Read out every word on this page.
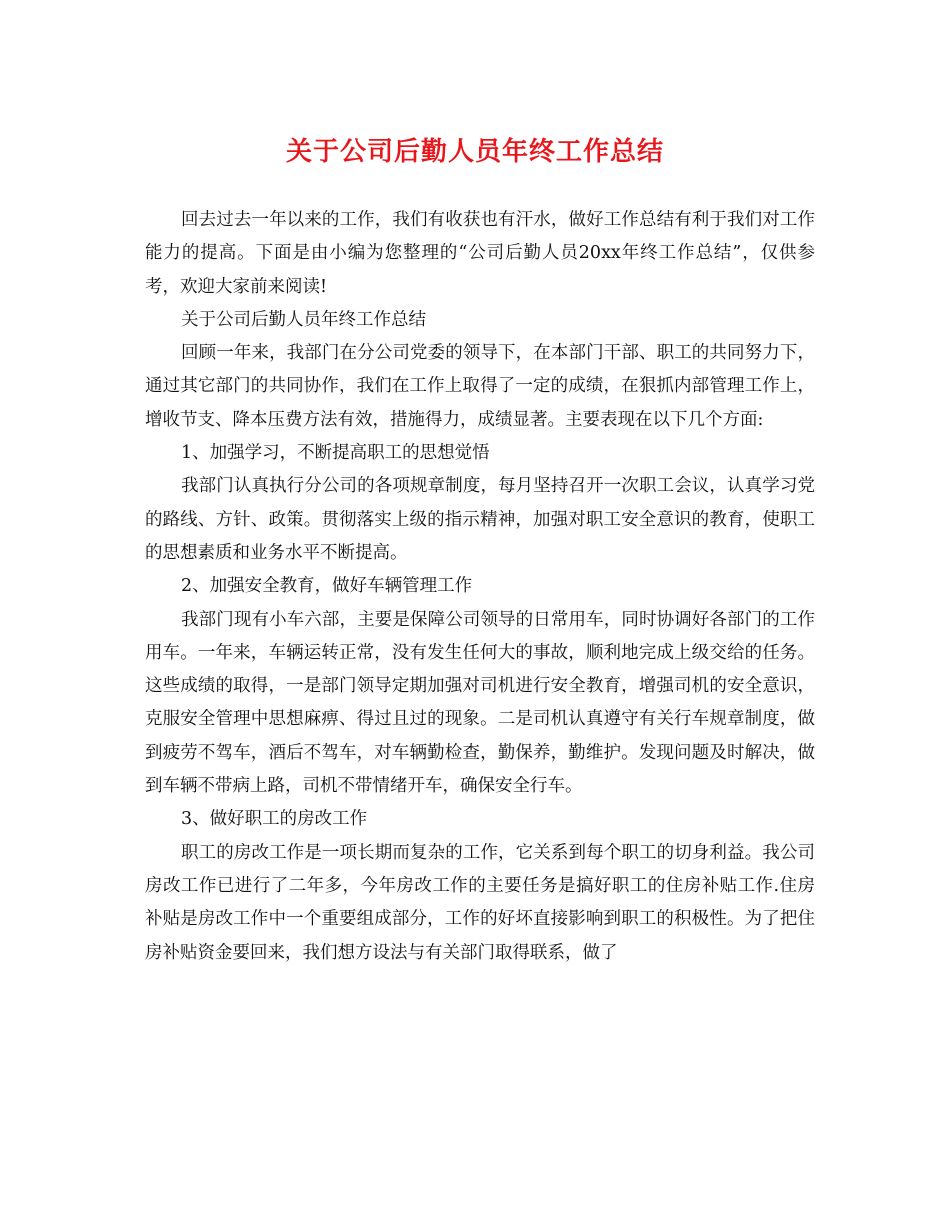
关于公司后勤人员年终工作总结

回去过去一年以来的工作，我们有收获也有汗水，做好工作总结有利于我们对工作能力的提高。下面是由小编为您整理的“公司后勤人员20xx年终工作总结”，仅供参考，欢迎大家前来阅读!

关于公司后勤人员年终工作总结

回顾一年来，我部门在分公司党委的领导下，在本部门干部、职工的共同努力下，通过其它部门的共同协作，我们在工作上取得了一定的成绩，在狠抓内部管理工作上，增收节支、降本压费方法有效，措施得力，成绩显著。主要表现在以下几个方面:

1、加强学习，不断提高职工的思想觉悟

我部门认真执行分公司的各项规章制度，每月坚持召开一次职工会议，认真学习党的路线、方针、政策。贯彻落实上级的指示精神，加强对职工安全意识的教育，使职工的思想素质和业务水平不断提高。

2、加强安全教育，做好车辆管理工作

我部门现有小车六部，主要是保障公司领导的日常用车，同时协调好各部门的工作用车。一年来，车辆运转正常，没有发生任何大的事故，顺利地完成上级交给的任务。这些成绩的取得，一是部门领导定期加强对司机进行安全教育，增强司机的安全意识，克服安全管理中思想麻痹、得过且过的现象。二是司机认真遵守有关行车规章制度，做到疲劳不驾车，酒后不驾车，对车辆勤检查，勤保养，勤维护。发现问题及时解决，做到车辆不带病上路，司机不带情绪开车，确保安全行车。

3、做好职工的房改工作

职工的房改工作是一项长期而复杂的工作，它关系到每个职工的切身利益。我公司房改工作已进行了二年多，今年房改工作的主要任务是搞好职工的住房补贴工作.住房补贴是房改工作中一个重要组成部分，工作的好坏直接影响到职工的积极性。为了把住房补贴资金要回来，我们想方设法与有关部门取得联系，做了
